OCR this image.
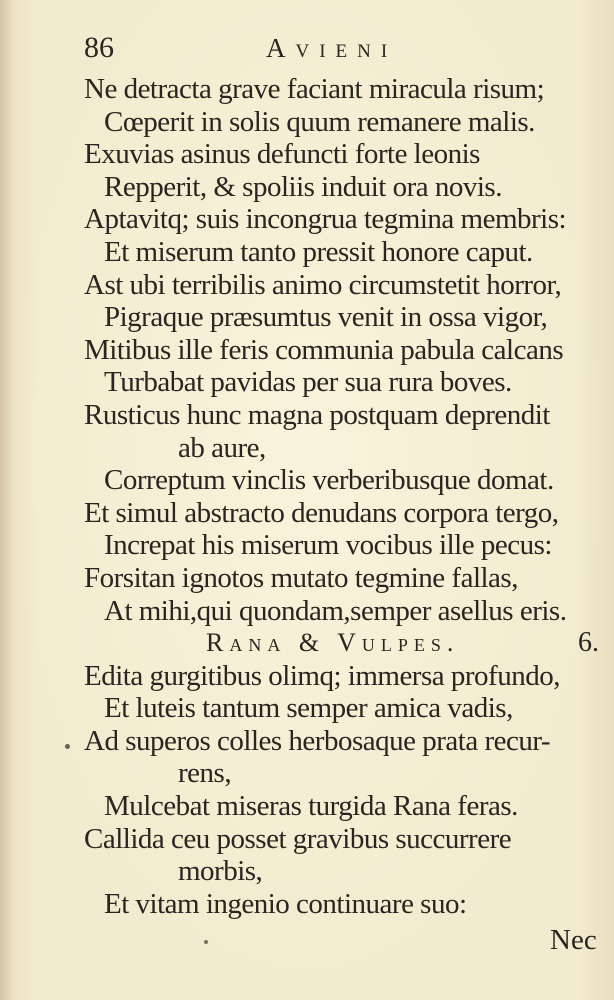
86	Avieni
Ne detracta grave faciant miracula risum;
Cœperit in solis quum remanere malis.
Exuvias asinus defuncti forte leonis
Repperit, & spoliis induit ora novis.
Aptavitq; suis incongrua tegmina membris:
Et miserum tanto pressit honore caput.
Ast ubi terribilis animo circumstetit horror,
Pigraque præsumtus venit in ossa vigor,
Mitibus ille feris communia pabula calcans
Turbabat pavidas per sua rura boves.
Rusticus hunc magna postquam deprendit
ab aure,
Correptum vinclis verberibusque domat.
Et simul abstracto denudans corpora tergo,
Increpat his miserum vocibus ille pecus:
Forsitan ignotos mutato tegmine fallas,
At mihi,qui quondam,semper asellus eris.
Rana & Vulpes.	6.
Edita gurgitibus olimq; immersa profundo,
Et luteis tantum semper amica vadis,
Ad superos colles herbosaque prata recur-
rens,
Mulcebat miseras turgida Rana feras.
Callida ceu posset gravibus succurrere
morbis,
Et vitam ingenio continuare suo:
Nec
